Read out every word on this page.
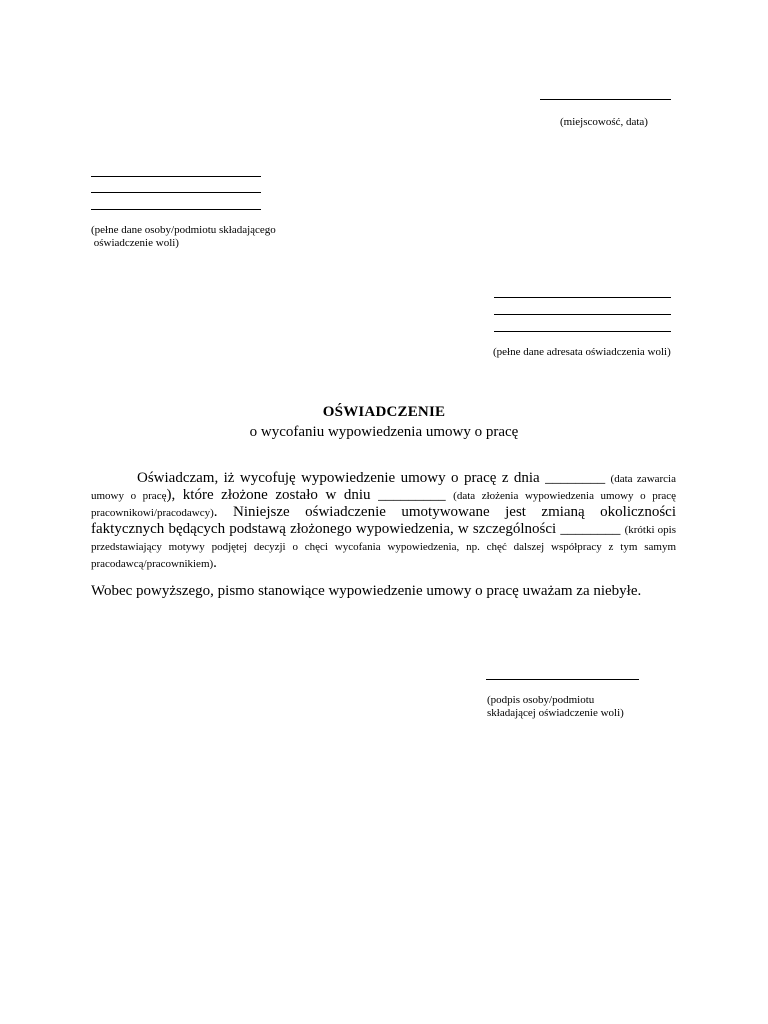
(miejscowość, data)
(pełne dane osoby/podmiotu składającego
oświadczenie woli)
(pełne dane adresata oświadczenia woli)
OŚWIADCZENIE
o wycofaniu wypowiedzenia umowy o pracę
Oświadczam, iż wycofuję wypowiedzenie umowy o pracę z dnia ________ (data zawarcia umowy o pracę), które złożone zostało w dniu _________ (data złożenia wypowiedzenia umowy o pracę pracownikowi/pracodawcy). Niniejsze oświadczenie umotywowane jest zmianą okoliczności faktycznych będących podstawą złożonego wypowiedzenia, w szczególności ________ (krótki opis przedstawiający motywy podjętej decyzji o chęci wycofania wypowiedzenia, np. chęć dalszej współpracy z tym samym pracodawcą/pracownikiem).
Wobec powyższego, pismo stanowiące wypowiedzenie umowy o pracę uważam za niebyłe.
(podpis osoby/podmiotu
składającej oświadczenie woli)
